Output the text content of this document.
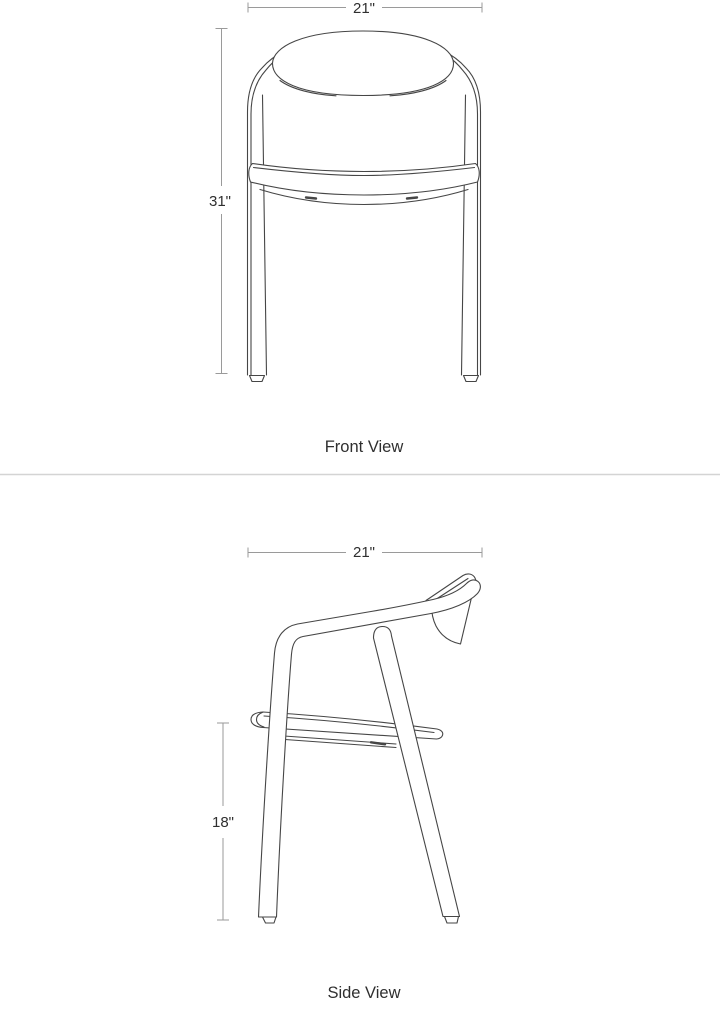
21"
31"
Front View
21"
18"
Side View
